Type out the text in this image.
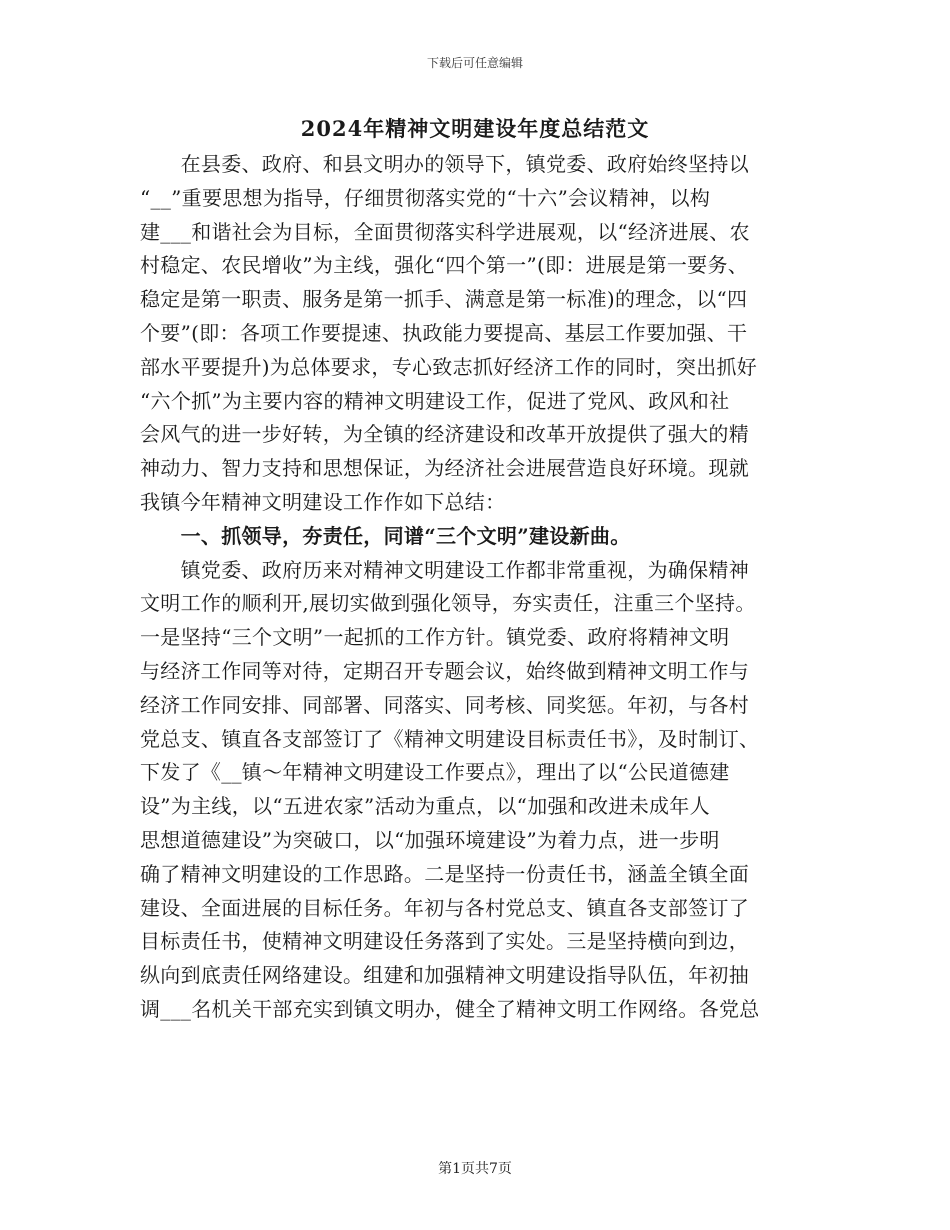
下载后可任意编辑
2024年精神文明建设年度总结范文
　　在县委、政府、和县文明办的领导下，镇党委、政府始终坚持以
“__”重要思想为指导，仔细贯彻落实党的“十六”会议精神，以构
建___和谐社会为目标，全面贯彻落实科学进展观，以“经济进展、农
村稳定、农民增收”为主线，强化“四个第一”(即：进展是第一要务、
稳定是第一职责、服务是第一抓手、满意是第一标准)的理念，以“四
个要”(即：各项工作要提速、执政能力要提高、基层工作要加强、干
部水平要提升)为总体要求，专心致志抓好经济工作的同时，突出抓好
“六个抓”为主要内容的精神文明建设工作，促进了党风、政风和社
会风气的进一步好转，为全镇的经济建设和改革开放提供了强大的精
神动力、智力支持和思想保证，为经济社会进展营造良好环境。现就
我镇今年精神文明建设工作作如下总结：
　　一、抓领导，夯责任，同谱“三个文明”建设新曲。
　　镇党委、政府历来对精神文明建设工作都非常重视，为确保精神
文明工作的顺利开,展切实做到强化领导，夯实责任，注重三个坚持。
一是坚持“三个文明”一起抓的工作方针。镇党委、政府将精神文明
与经济工作同等对待，定期召开专题会议，始终做到精神文明工作与
经济工作同安排、同部署、同落实、同考核、同奖惩。年初，与各村
党总支、镇直各支部签订了《精神文明建设目标责任书》，及时制订、
下发了《__镇～年精神文明建设工作要点》，理出了以“公民道德建
设”为主线，以“五进农家”活动为重点，以“加强和改进未成年人
思想道德建设”为突破口，以“加强环境建设”为着力点，进一步明
确了精神文明建设的工作思路。二是坚持一份责任书，涵盖全镇全面
建设、全面进展的目标任务。年初与各村党总支、镇直各支部签订了
目标责任书，使精神文明建设任务落到了实处。三是坚持横向到边，
纵向到底责任网络建设。组建和加强精神文明建设指导队伍，年初抽
调___名机关干部充实到镇文明办，健全了精神文明工作网络。各党总
第1页共7页
